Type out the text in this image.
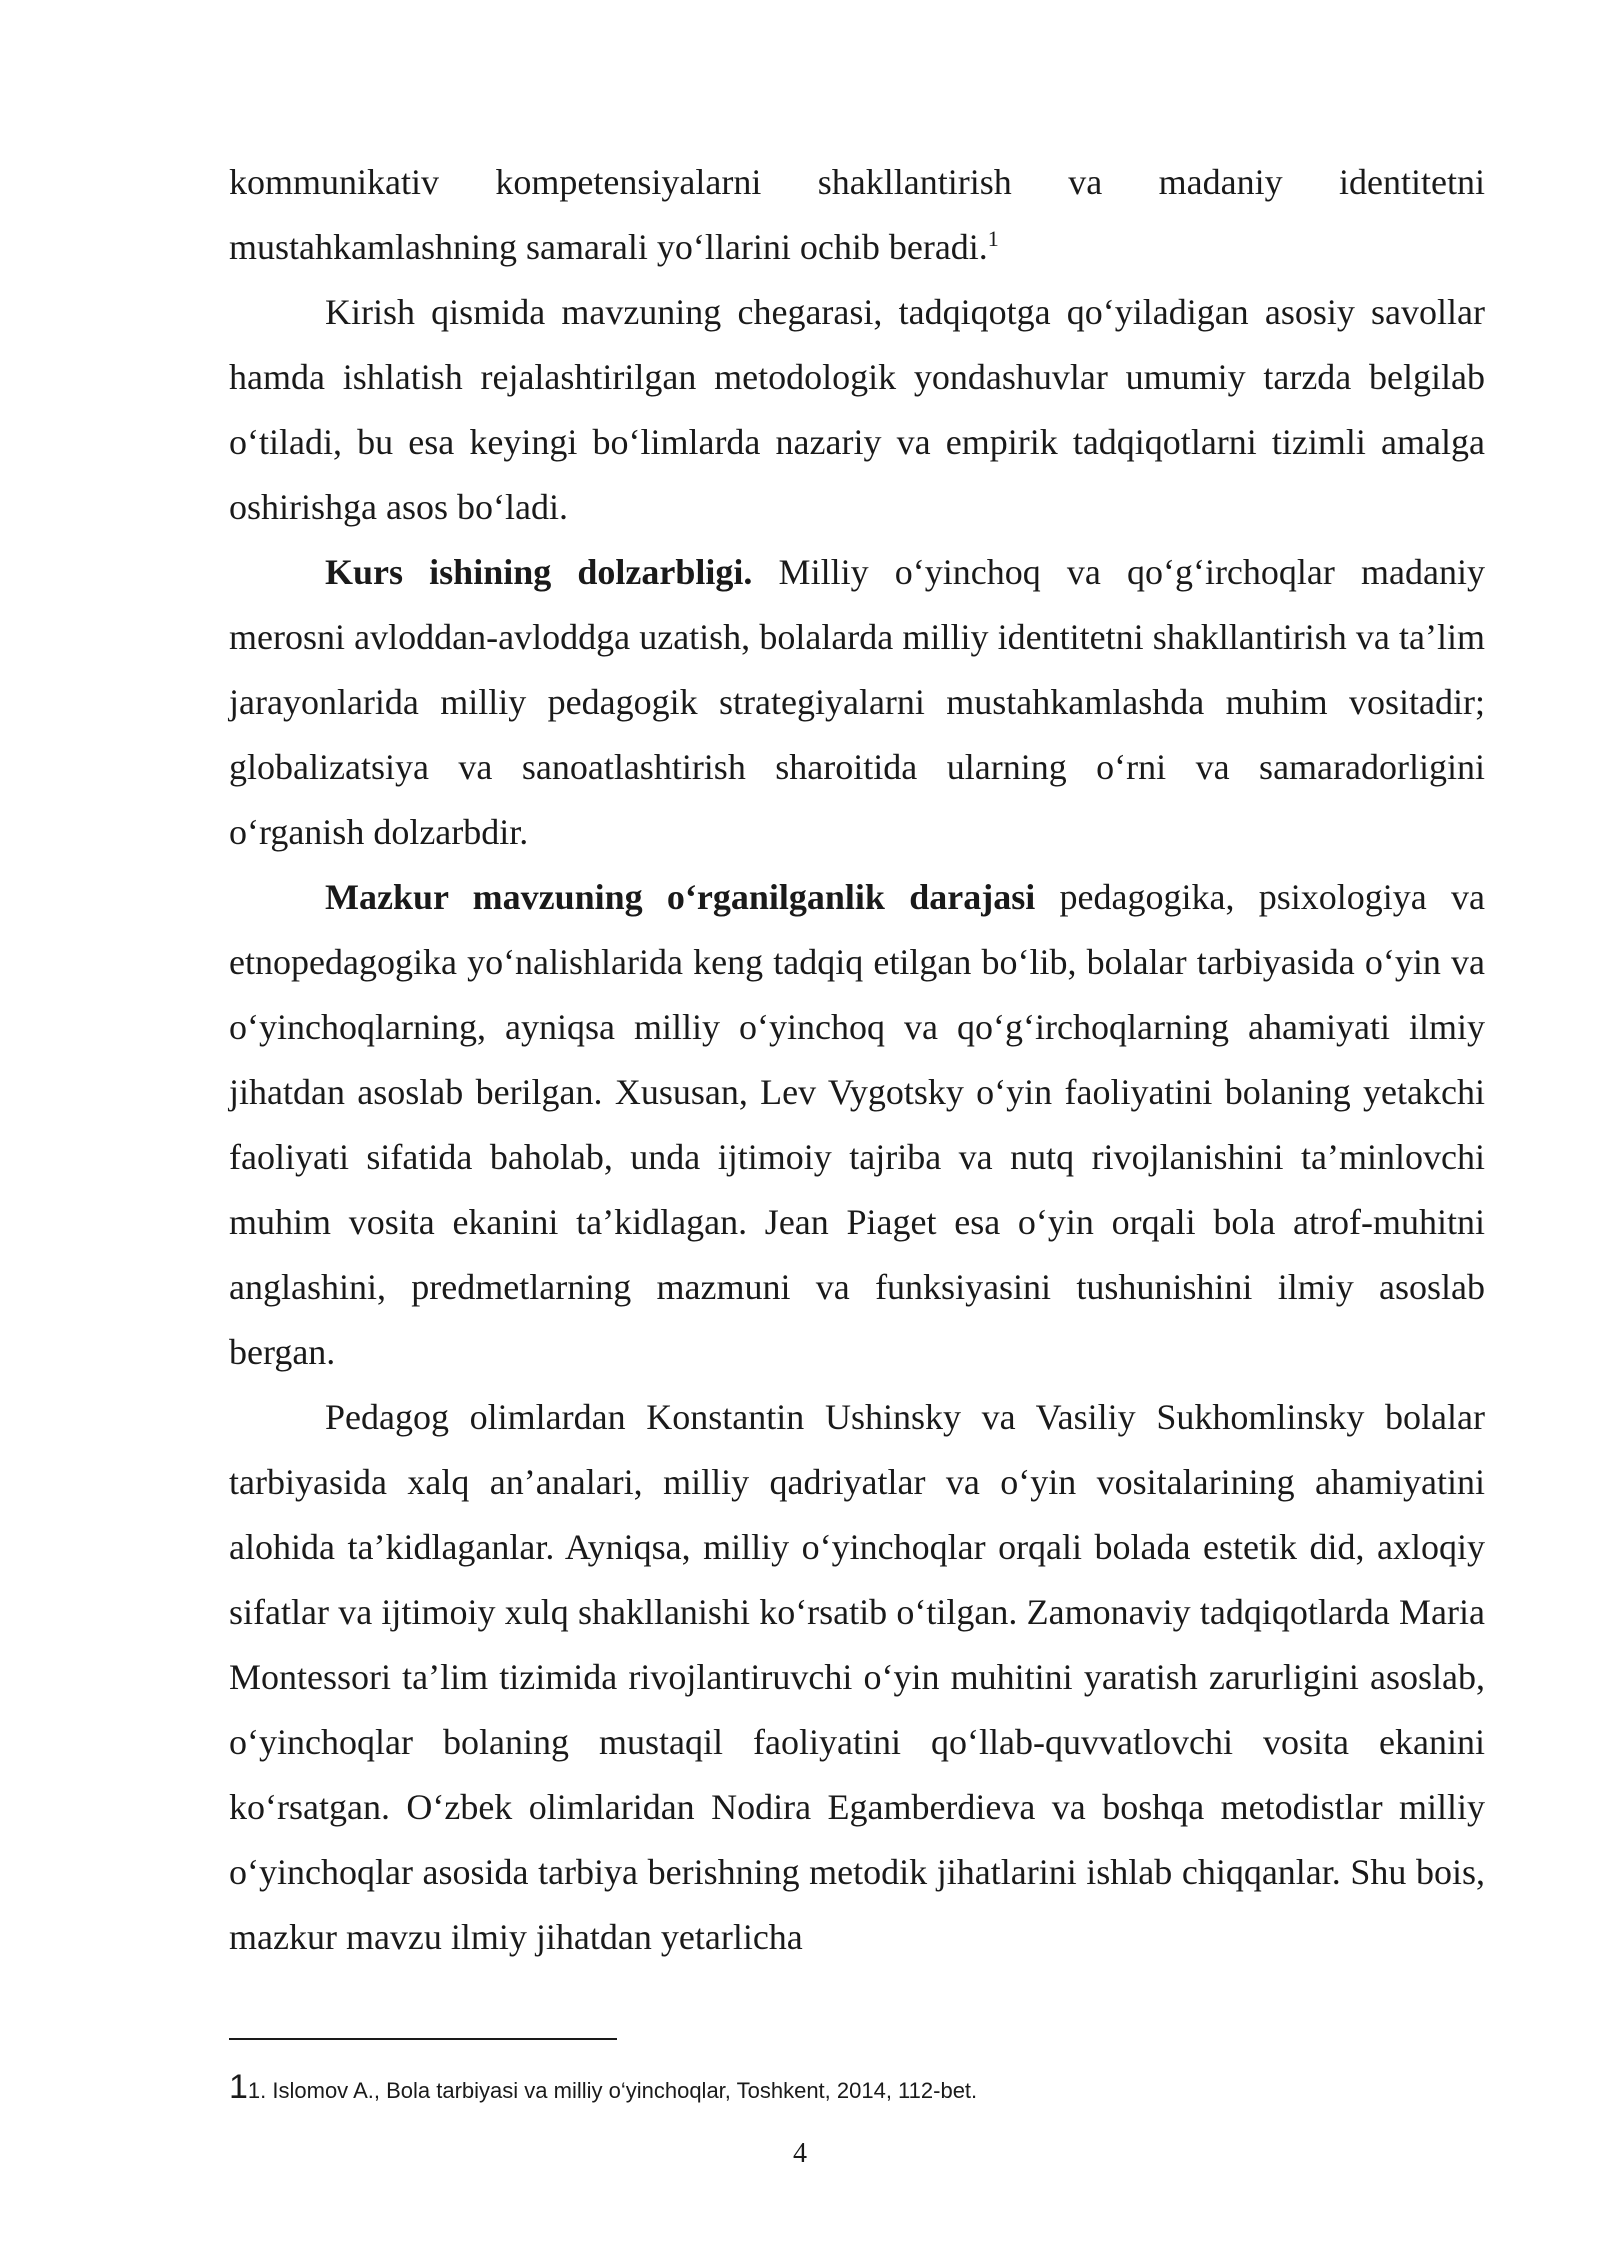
kommunikativ kompetensiyalarni shakllantirish va madaniy identitetni mustahkamlashning samarali yo‘llarini ochib beradi.$^1$

Kirish qismida mavzuning chegarasi, tadqiqotga qo‘yiladigan asosiy savollar hamda ishlatish rejalashtirilgan metodologik yondashuvlar umumiy tarzda belgilab o‘tiladi, bu esa keyingi bo‘limlarda nazariy va empirik tadqiqotlarni tizimli amalga oshirishga asos bo‘ladi.

Kurs ishining dolzarbligi. Milliy o‘yinchoq va qo‘g‘irchoqlar madaniy merosni avloddan-avloddga uzatish, bolalarda milliy identitetni shakllantirish va ta’lim jarayonlarida milliy pedagogik strategiyalarni mustahkamlashda muhim vositadir; globalizatsiya va sanoatlashtirish sharoitida ularning o‘rni va samaradorligini o‘rganish dolzarbdir.

Mazkur mavzuning o‘rganilganlik darajasi pedagogika, psixologiya va etnopedagogika yo‘nalishlarida keng tadqiq etilgan bo‘lib, bolalar tarbiyasida o‘yin va o‘yinchoqlarning, ayniqsa milliy o‘yinchoq va qo‘g‘irchoqlarning ahamiyati ilmiy jihatdan asoslab berilgan. Xususan, Lev Vygotsky o‘yin faoliyatini bolaning yetakchi faoliyati sifatida baholab, unda ijtimoiy tajriba va nutq rivojlanishini ta’minlovchi muhim vosita ekanini ta’kidlagan. Jean Piaget esa o‘yin orqali bola atrof-muhitni anglashini, predmetlarning mazmuni va funksiyasini tushunishini ilmiy asoslab bergan.

Pedagog olimlardan Konstantin Ushinsky va Vasiliy Sukhomlinsky bolalar tarbiyasida xalq an’analari, milliy qadriyatlar va o‘yin vositalarining ahamiyatini alohida ta’kidlaganlar. Ayniqsa, milliy o‘yinchoqlar orqali bolada estetik did, axloqiy sifatlar va ijtimoiy xulq shakllanishi ko‘rsatib o‘tilgan. Zamonaviy tadqiqotlarda Maria Montessori ta’lim tizimida rivojlantiruvchi o‘yin muhitini yaratish zarurligini asoslab, o‘yinchoqlar bolaning mustaqil faoliyatini qo‘llab-quvvatlovchi vosita ekanini ko‘rsatgan. O‘zbek olimlaridan Nodira Egamberdieva va boshqa metodistlar milliy o‘yinchoqlar asosida tarbiya berishning metodik jihatlarini ishlab chiqqanlar. Shu bois, mazkur mavzu ilmiy jihatdan yetarlicha

11. Islomov A., Bola tarbiyasi va milliy o‘yinchoqlar, Toshkent, 2014, 112-bet.
4
